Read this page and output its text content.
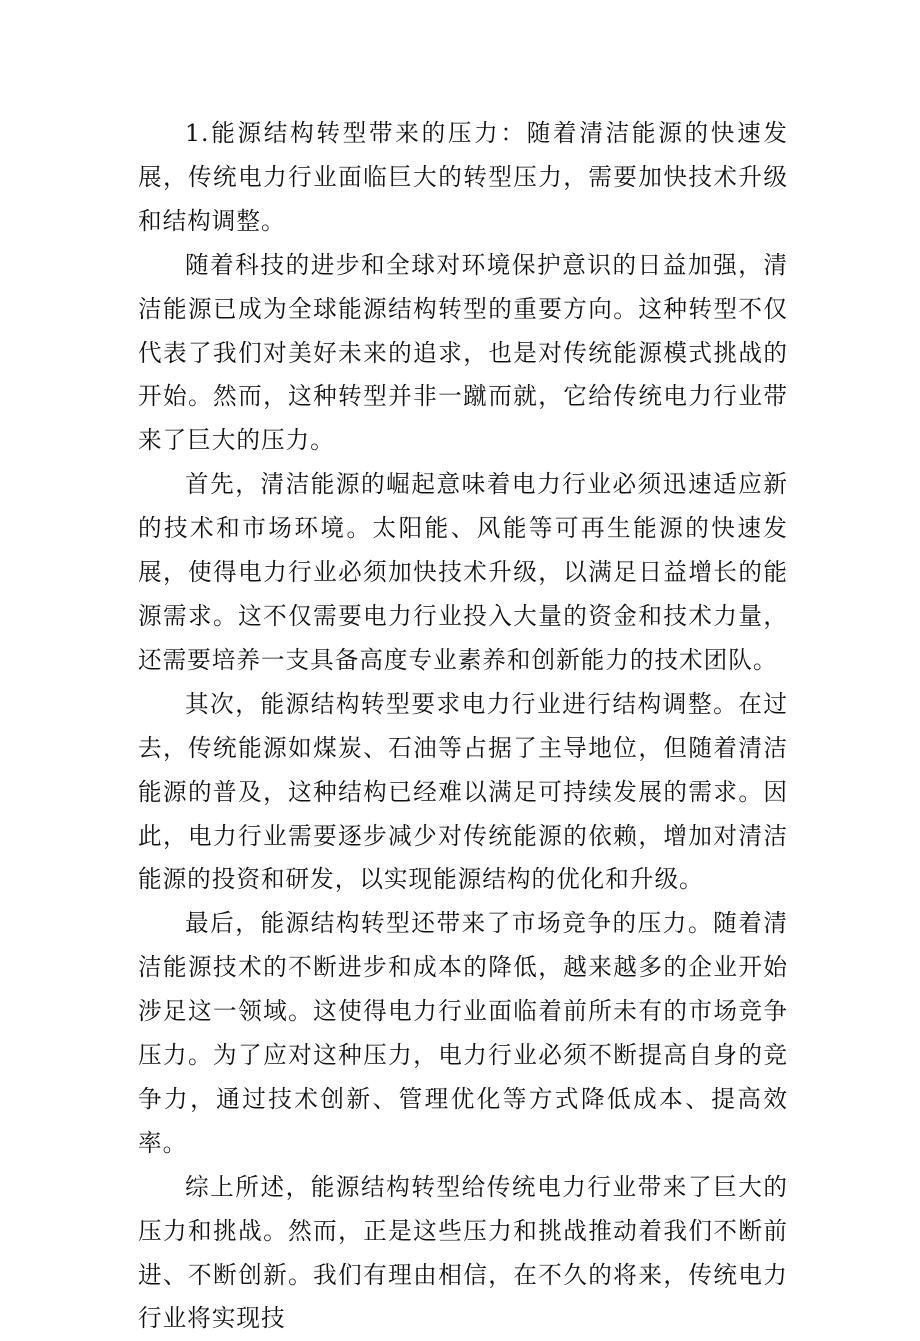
1.能源结构转型带来的压力：随着清洁能源的快速发展，传统电力行业面临巨大的转型压力，需要加快技术升级和结构调整。

随着科技的进步和全球对环境保护意识的日益加强，清洁能源已成为全球能源结构转型的重要方向。这种转型不仅代表了我们对美好未来的追求，也是对传统能源模式挑战的开始。然而，这种转型并非一蹴而就，它给传统电力行业带来了巨大的压力。

首先，清洁能源的崛起意味着电力行业必须迅速适应新的技术和市场环境。太阳能、风能等可再生能源的快速发展，使得电力行业必须加快技术升级，以满足日益增长的能源需求。这不仅需要电力行业投入大量的资金和技术力量，还需要培养一支具备高度专业素养和创新能力的技术团队。

其次，能源结构转型要求电力行业进行结构调整。在过去，传统能源如煤炭、石油等占据了主导地位，但随着清洁能源的普及，这种结构已经难以满足可持续发展的需求。因此，电力行业需要逐步减少对传统能源的依赖，增加对清洁能源的投资和研发，以实现能源结构的优化和升级。

最后，能源结构转型还带来了市场竞争的压力。随着清洁能源技术的不断进步和成本的降低，越来越多的企业开始涉足这一领域。这使得电力行业面临着前所未有的市场竞争压力。为了应对这种压力，电力行业必须不断提高自身的竞争力，通过技术创新、管理优化等方式降低成本、提高效率。

综上所述，能源结构转型给传统电力行业带来了巨大的压力和挑战。然而，正是这些压力和挑战推动着我们不断前进、不断创新。我们有理由相信，在不久的将来，传统电力行业将实现技
